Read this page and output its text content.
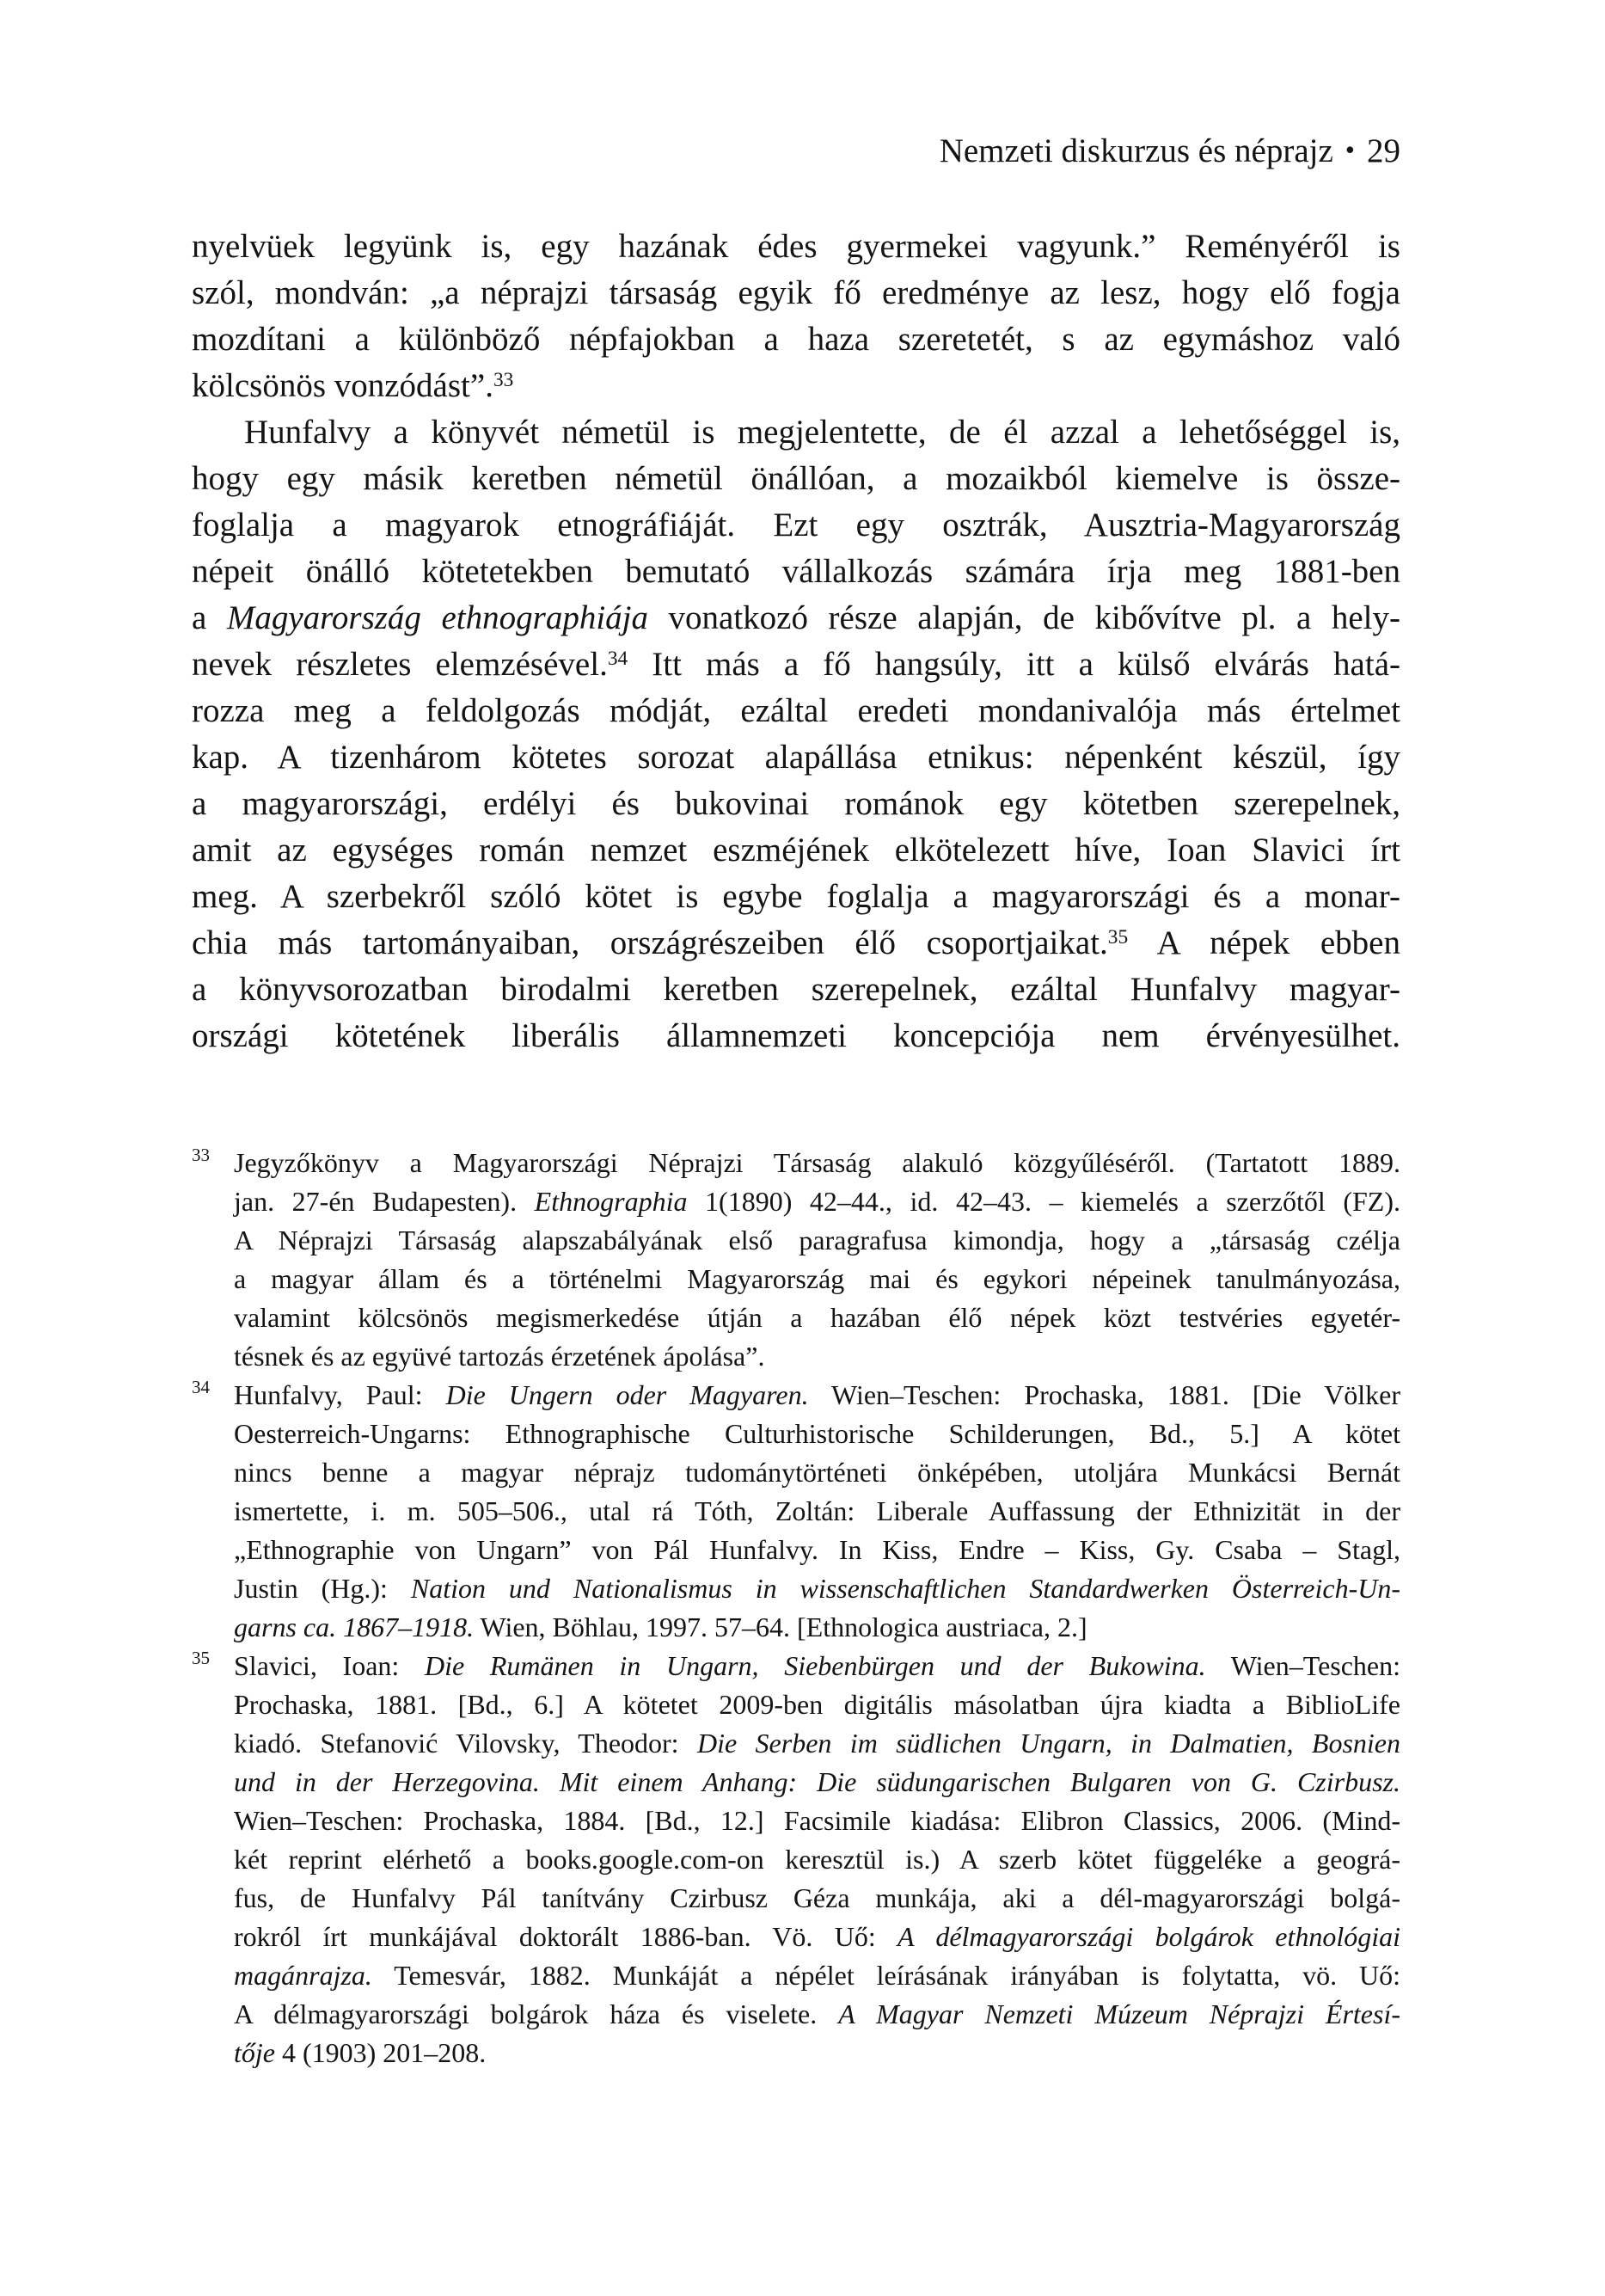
Nemzeti diskurzus és néprajz • 29
nyelvüek legyünk is, egy hazának édes gyermekei vagyunk.” Reményéről is
szól, mondván: „a néprajzi társaság egyik fő eredménye az lesz, hogy elő fogja
mozdítani a különböző népfajokban a haza szeretetét, s az egymáshoz való
kölcsönös vonzódást”.$^{33}$
Hunfalvy a könyvét németül is megjelentette, de él azzal a lehetőséggel is,
hogy egy másik keretben németül önállóan, a mozaikból kiemelve is össze-
foglalja a magyarok etnográfiáját. Ezt egy osztrák, Ausztria-Magyarország
népeit önálló kötetetekben bemutató vállalkozás számára írja meg 1881-ben
a Magyarország ethnographiája vonatkozó része alapján, de kibővítve pl. a hely-
nevek részletes elemzésével.$^{34}$ Itt más a fő hangsúly, itt a külső elvárás hatá-
rozza meg a feldolgozás módját, ezáltal eredeti mondanivalója más értelmet
kap. A tizenhárom kötetes sorozat alapállása etnikus: népenként készül, így
a magyarországi, erdélyi és bukovinai románok egy kötetben szerepelnek,
amit az egységes román nemzet eszméjének elkötelezett híve, Ioan Slavici írt
meg. A szerbekről szóló kötet is egybe foglalja a magyarországi és a monar-
chia más tartományaiban, országrészeiben élő csoportjaikat.$^{35}$ A népek ebben
a könyvsorozatban birodalmi keretben szerepelnek, ezáltal Hunfalvy magyar-
országi kötetének liberális államnemzeti koncepciója nem érvényesülhet.
33 Jegyzőkönyv a Magyarországi Néprajzi Társaság alakuló közgyűléséről. (Tartatott 1889.
jan. 27-én Budapesten). Ethnographia 1(1890) 42–44., id. 42–43. – kiemelés a szerzőtől (FZ).
A Néprajzi Társaság alapszabályának első paragrafusa kimondja, hogy a „társaság czélja
a magyar állam és a történelmi Magyarország mai és egykori népeinek tanulmányozása,
valamint kölcsönös megismerkedése útján a hazában élő népek közt testvéries egyetér-
tésnek és az együvé tartozás érzetének ápolása”.
34 Hunfalvy, Paul: Die Ungern oder Magyaren. Wien–Teschen: Prochaska, 1881. [Die Völker
Oesterreich-Ungarns: Ethnographische Culturhistorische Schilderungen, Bd., 5.] A kötet
nincs benne a magyar néprajz tudománytörténeti önképében, utoljára Munkácsi Bernát
ismertette, i. m. 505–506., utal rá Tóth, Zoltán: Liberale Auffassung der Ethnizität in der
„Ethnographie von Ungarn” von Pál Hunfalvy. In Kiss, Endre – Kiss, Gy. Csaba – Stagl,
Justin (Hg.): Nation und Nationalismus in wissenschaftlichen Standardwerken Österreich-Un-
garns ca. 1867–1918. Wien, Böhlau, 1997. 57–64. [Ethnologica austriaca, 2.]
35 Slavici, Ioan: Die Rumänen in Ungarn, Siebenbürgen und der Bukowina. Wien–Teschen:
Prochaska, 1881. [Bd., 6.] A kötetet 2009-ben digitális másolatban újra kiadta a BiblioLife
kiadó. Stefanović Vilovsky, Theodor: Die Serben im südlichen Ungarn, in Dalmatien, Bosnien
und in der Herzegovina. Mit einem Anhang: Die südungarischen Bulgaren von G. Czirbusz.
Wien–Teschen: Prochaska, 1884. [Bd., 12.] Facsimile kiadása: Elibron Classics, 2006. (Mind-
két reprint elérhető a books.google.com-on keresztül is.) A szerb kötet függeléke a geográ-
fus, de Hunfalvy Pál tanítvány Czirbusz Géza munkája, aki a dél-magyarországi bolgá-
rokról írt munkájával doktorált 1886-ban. Vö. Uő: A délmagyarországi bolgárok ethnológiai
magánrajza. Temesvár, 1882. Munkáját a népélet leírásának irányában is folytatta, vö. Uő:
A délmagyarországi bolgárok háza és viselete. A Magyar Nemzeti Múzeum Néprajzi Értesí-
tője 4 (1903) 201–208.
